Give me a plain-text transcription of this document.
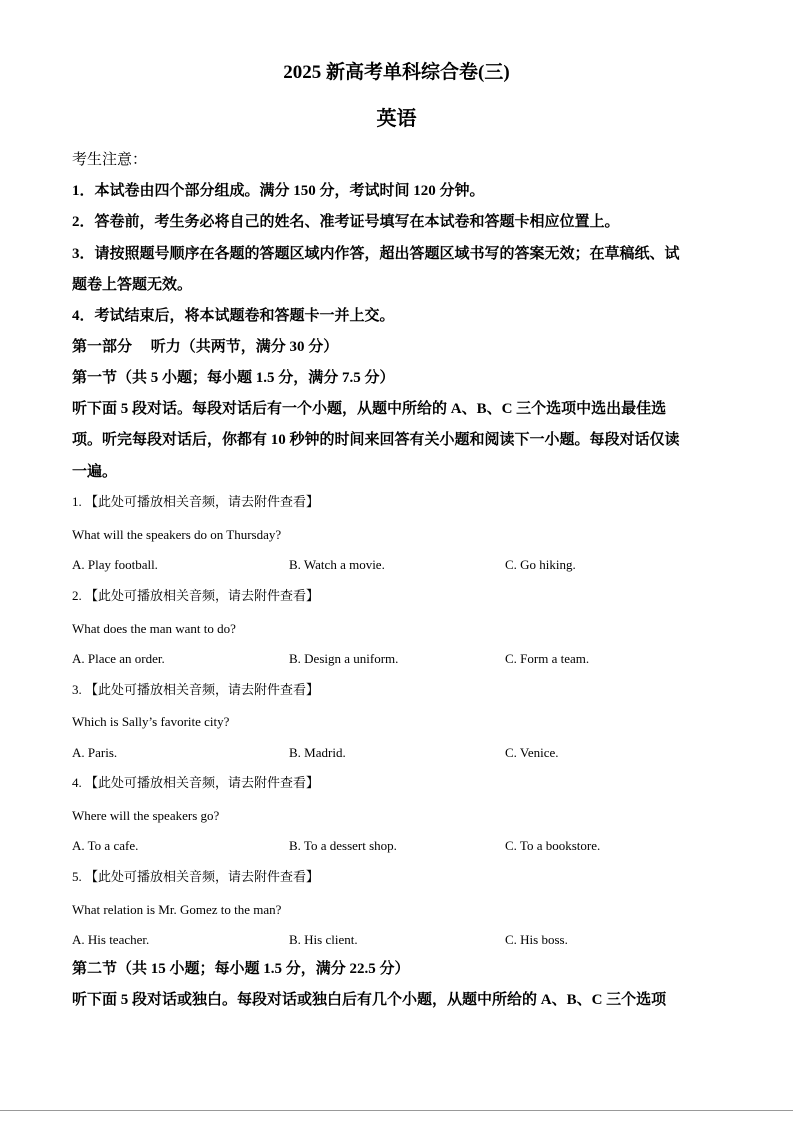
2025 新高考单科综合卷(三)
英语
考生注意：
1．本试卷由四个部分组成。满分 150 分，考试时间 120 分钟。
2．答卷前，考生务必将自己的姓名、准考证号填写在本试卷和答题卡相应位置上。
3．请按照题号顺序在各题的答题区域内作答，超出答题区域书写的答案无效；在草稿纸、试
题卷上答题无效。
4．考试结束后，将本试题卷和答题卡一并上交。
第一部分　 听力（共两节，满分 30 分）
第一节（共 5 小题；每小题 1.5 分，满分 7.5 分）
听下面 5 段对话。每段对话后有一个小题，从题中所给的 A、B、C 三个选项中选出最佳选
项。听完每段对话后，你都有 10 秒钟的时间来回答有关小题和阅读下一小题。每段对话仅读
一遍。
1. 【此处可播放相关音频，请去附件查看】
What will the speakers do on Thursday?
A. Play football.	B. Watch a movie.	C. Go hiking.
2. 【此处可播放相关音频，请去附件查看】
What does the man want to do?
A. Place an order.	B. Design a uniform.	C. Form a team.
3. 【此处可播放相关音频，请去附件查看】
Which is Sally’s favorite city?
A. Paris.	B. Madrid.	C. Venice.
4. 【此处可播放相关音频，请去附件查看】
Where will the speakers go?
A. To a cafe.	B. To a dessert shop.	C. To a bookstore.
5. 【此处可播放相关音频，请去附件查看】
What relation is Mr. Gomez to the man?
A. His teacher.	B. His client.	C. His boss.
第二节（共 15 小题；每小题 1.5 分，满分 22.5 分）
听下面 5 段对话或独白。每段对话或独白后有几个小题，从题中所给的 A、B、C 三个选项
